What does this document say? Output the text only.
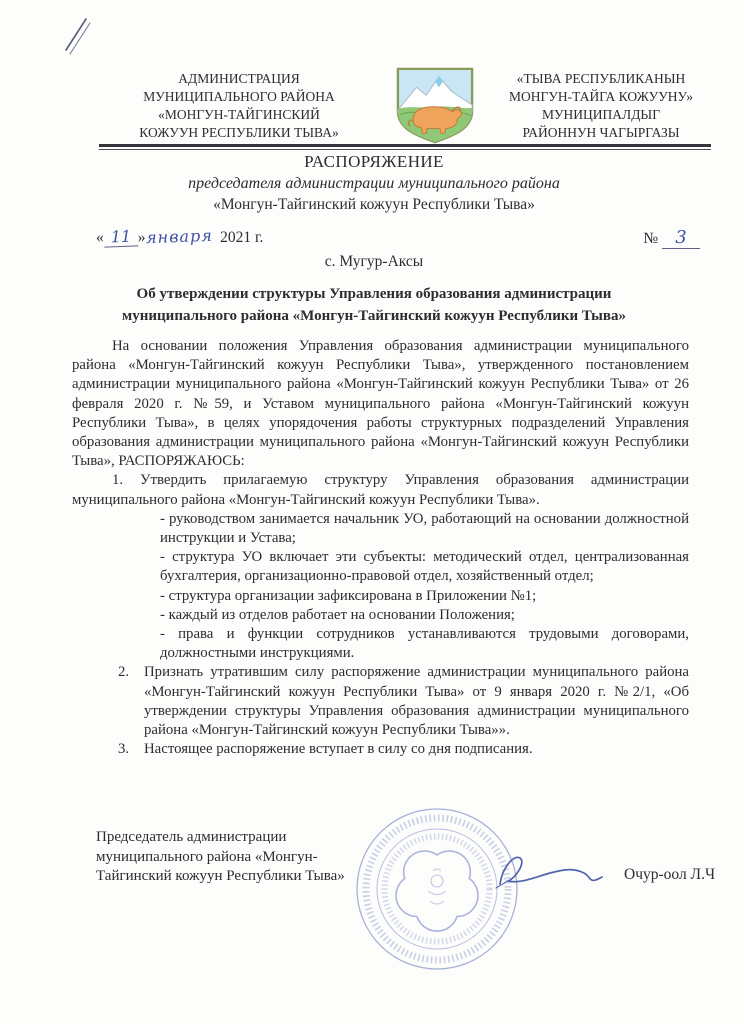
АДМИНИСТРАЦИЯ
МУНИЦИПАЛЬНОГО РАЙОНА
«МОНГУН-ТАЙГИНСКИЙ
КОЖУУН РЕСПУБЛИКИ ТЫВА»
«ТЫВА РЕСПУБЛИКАНЫН
МОНГУН-ТАЙГА КОЖУУНУ»
МУНИЦИПАЛДЫГ
РАЙОННУН ЧАГЫРГАЗЫ
РАСПОРЯЖЕНИЕ
председателя администрации муниципального района
«Монгун-Тайгинский кожуун Республики Тыва»
« 11 »января 2021 г.	№ 3
с. Мугур-Аксы
Об утверждении структуры Управления образования администрации
муниципального района «Монгун-Тайгинский кожуун Республики Тыва»

На основании положения Управления образования администрации муниципального района «Монгун-Тайгинский кожуун Республики Тыва», утвержденного постановлением администрации муниципального района «Монгун-Тайгинский кожуун Республики Тыва» от 26 февраля 2020 г. №59, и Уставом муниципального района «Монгун-Тайгинский кожуун Республики Тыва», в целях упорядочения работы структурных подразделений Управления образования администрации муниципального района «Монгун-Тайгинский кожуун Республики Тыва», РАСПОРЯЖАЮСЬ:

1. Утвердить прилагаемую структуру Управления образования администрации муниципального района «Монгун-Тайгинский кожуун Республики Тыва».

- руководством занимается начальник УО, работающий на основании должностной инструкции и Устава;

- структура УО включает эти субъекты: методический отдел, централизованная бухгалтерия, организационно-правовой отдел, хозяйственный отдел;

- структура организации зафиксирована в Приложении №1;

- каждый из отделов работает на основании Положения;

- права и функции сотрудников устанавливаются трудовыми договорами, должностными инструкциями.

2.	Признать утратившим силу распоряжение администрации муниципального района «Монгун-Тайгинский кожуун Республики Тыва» от 9 января 2020 г. №2/1, «Об утверждении структуры Управления образования администрации муниципального района «Монгун-Тайгинский кожуун Республики Тыва»».
3.	Настоящее распоряжение вступает в силу со дня подписания.
Председатель администрации
муниципального района «Монгун-
Тайгинский кожуун Республики Тыва»	Очур-оол Л.Ч
